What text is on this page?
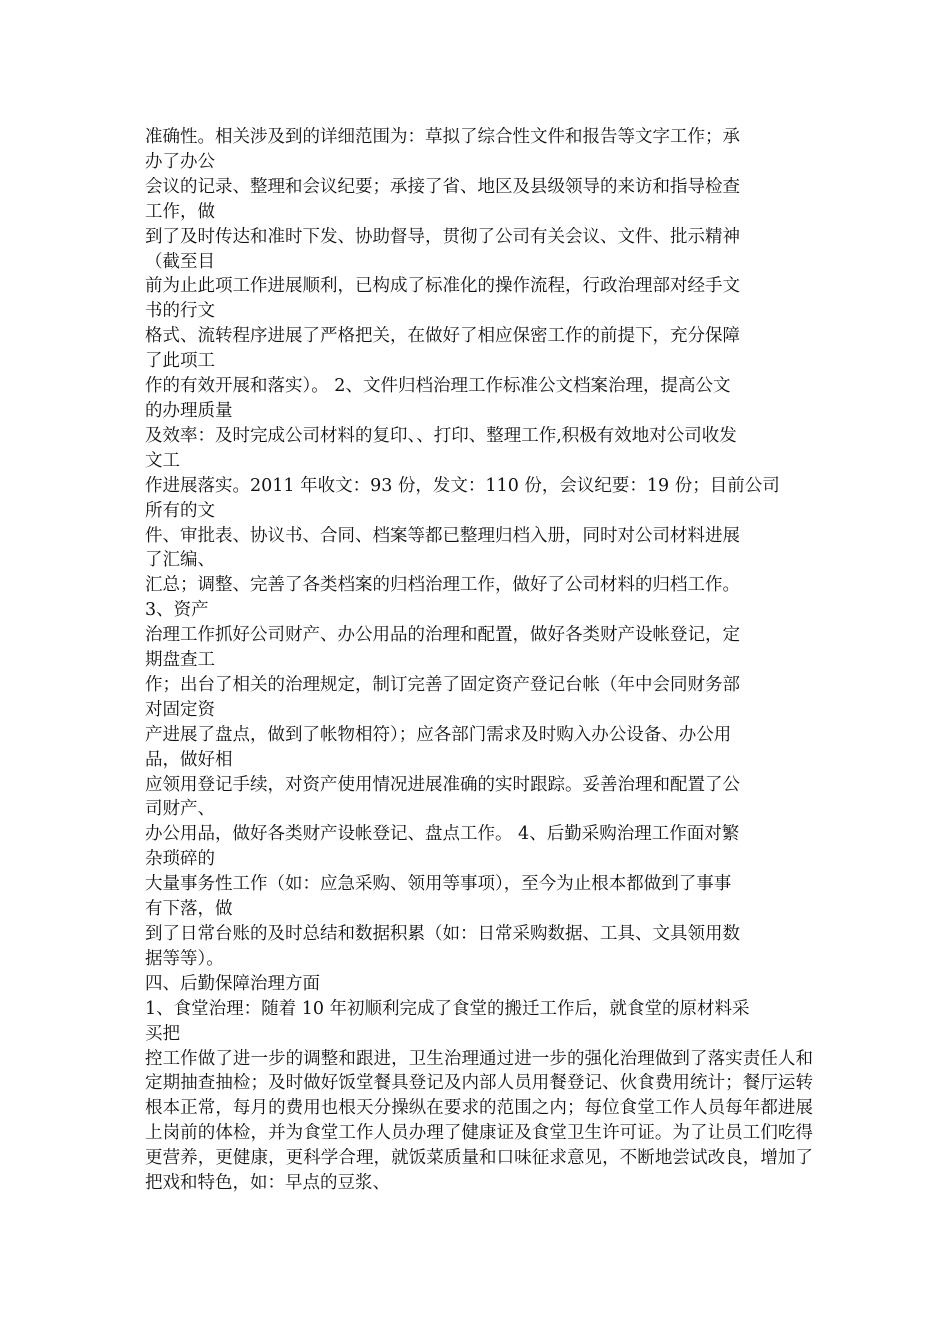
准确性。相关涉及到的详细范围为：草拟了综合性文件和报告等文字工作；承
办了办公
会议的记录、整理和会议纪要；承接了省、地区及县级领导的来访和指导检查
工作，做
到了及时传达和准时下发、协助督导，贯彻了公司有关会议、文件、批示精神
（截至目
前为止此项工作进展顺利，已构成了标准化的操作流程，行政治理部对经手文
书的行文
格式、流转程序进展了严格把关，在做好了相应保密工作的前提下，充分保障
了此项工
作的有效开展和落实）。 2、文件归档治理工作标准公文档案治理，提高公文
的办理质量
及效率：及时完成公司材料的复印、、打印、整理工作,积极有效地对公司收发
文工
作进展落实。2011 年收文：93 份，发文：110 份，会议纪要：19 份；目前公司
所有的文
件、审批表、协议书、合同、档案等都已整理归档入册，同时对公司材料进展
了汇编、
汇总；调整、完善了各类档案的归档治理工作，做好了公司材料的归档工作。
3、资产
治理工作抓好公司财产、办公用品的治理和配置，做好各类财产设帐登记，定
期盘查工
作；出台了相关的治理规定，制订完善了固定资产登记台帐（年中会同财务部
对固定资
产进展了盘点，做到了帐物相符）；应各部门需求及时购入办公设备、办公用
品，做好相
应领用登记手续，对资产使用情况进展准确的实时跟踪。妥善治理和配置了公
司财产、
办公用品，做好各类财产设帐登记、盘点工作。 4、后勤采购治理工作面对繁
杂琐碎的
大量事务性工作（如：应急采购、领用等事项），至今为止根本都做到了事事
有下落，做
到了日常台账的及时总结和数据积累（如：日常采购数据、工具、文具领用数
据等等）。
四、后勤保障治理方面
1、食堂治理：随着 10 年初顺利完成了食堂的搬迁工作后，就食堂的原材料采
买把
控工作做了进一步的调整和跟进，卫生治理通过进一步的强化治理做到了落实责任人和定期抽查抽检；及时做好饭堂餐具登记及内部人员用餐登记、伙食费用统计；餐厅运转根本正常，每月的费用也根天分操纵在要求的范围之内；每位食堂工作人员每年都进展上岗前的体检，并为食堂工作人员办理了健康证及食堂卫生许可证。为了让员工们吃得更营养，更健康，更科学合理，就饭菜质量和口味征求意见，不断地尝试改良，增加了把戏和特色，如：早点的豆浆、
